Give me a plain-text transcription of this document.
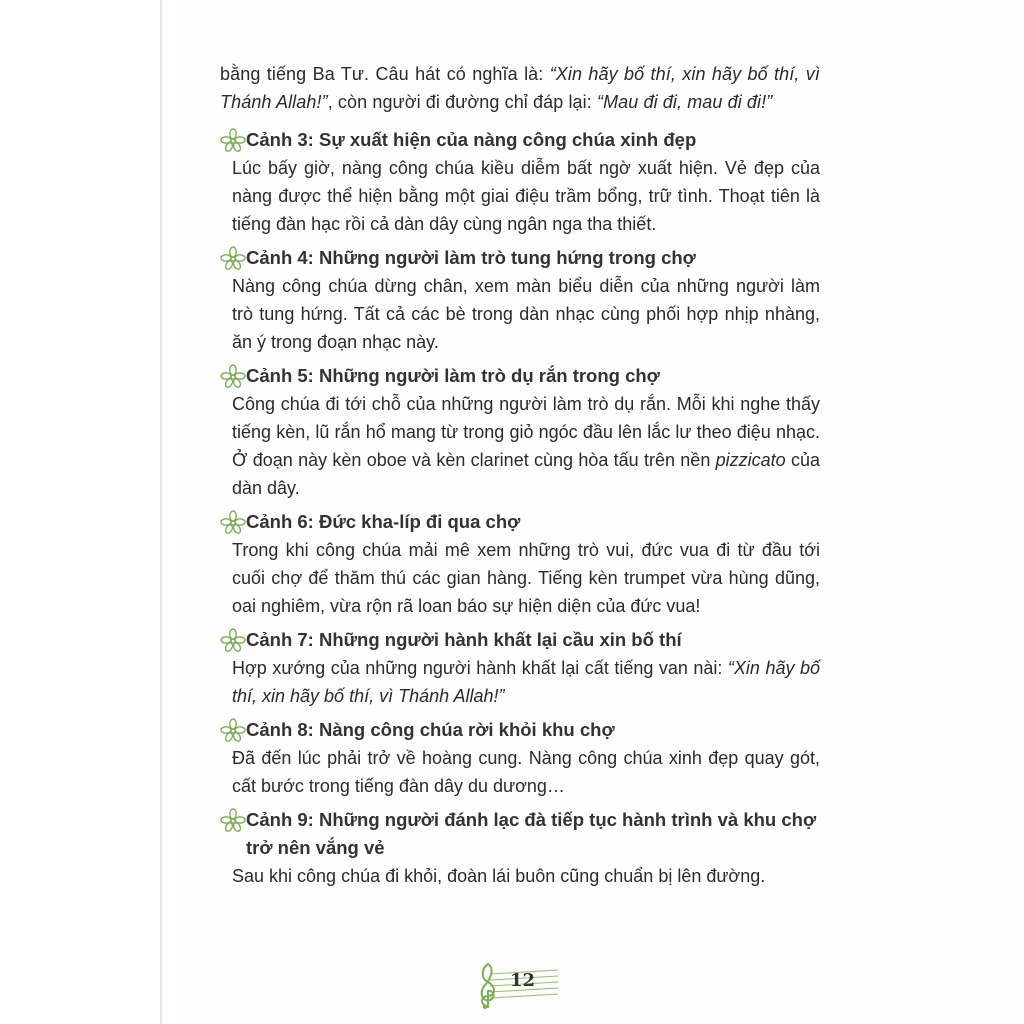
bằng tiếng Ba Tư. Câu hát có nghĩa là: “Xin hãy bố thí, xin hãy bố thí, vì Thánh Allah!”, còn người đi đường chỉ đáp lại: “Mau đi đi, mau đi đi!”

Cảnh 3: Sự xuất hiện của nàng công chúa xinh đẹp

Lúc bấy giờ, nàng công chúa kiều diễm bất ngờ xuất hiện. Vẻ đẹp của nàng được thể hiện bằng một giai điệu trầm bổng, trữ tình. Thoạt tiên là tiếng đàn hạc rồi cả dàn dây cùng ngân nga tha thiết.

Cảnh 4: Những người làm trò tung hứng trong chợ

Nàng công chúa dừng chân, xem màn biểu diễn của những người làm trò tung hứng. Tất cả các bè trong dàn nhạc cùng phối hợp nhịp nhàng, ăn ý trong đoạn nhạc này.

Cảnh 5: Những người làm trò dụ rắn trong chợ

Công chúa đi tới chỗ của những người làm trò dụ rắn. Mỗi khi nghe thấy tiếng kèn, lũ rắn hổ mang từ trong giỏ ngóc đầu lên lắc lư theo điệu nhạc. Ở đoạn này kèn oboe và kèn clarinet cùng hòa tấu trên nền pizzicato của dàn dây.

Cảnh 6: Đức kha-líp đi qua chợ

Trong khi công chúa mải mê xem những trò vui, đức vua đi từ đầu tới cuối chợ để thăm thú các gian hàng. Tiếng kèn trumpet vừa hùng dũng, oai nghiêm, vừa rộn rã loan báo sự hiện diện của đức vua!

Cảnh 7: Những người hành khất lại cầu xin bố thí

Hợp xướng của những người hành khất lại cất tiếng van nài: “Xin hãy bố thí, xin hãy bố thí, vì Thánh Allah!”

Cảnh 8: Nàng công chúa rời khỏi khu chợ

Đã đến lúc phải trở về hoàng cung. Nàng công chúa xinh đẹp quay gót, cất bước trong tiếng đàn dây du dương…

Cảnh 9: Những người đánh lạc đà tiếp tục hành trình và khu chợ trở nên vắng vẻ

Sau khi công chúa đi khỏi, đoàn lái buôn cũng chuẩn bị lên đường.

12
